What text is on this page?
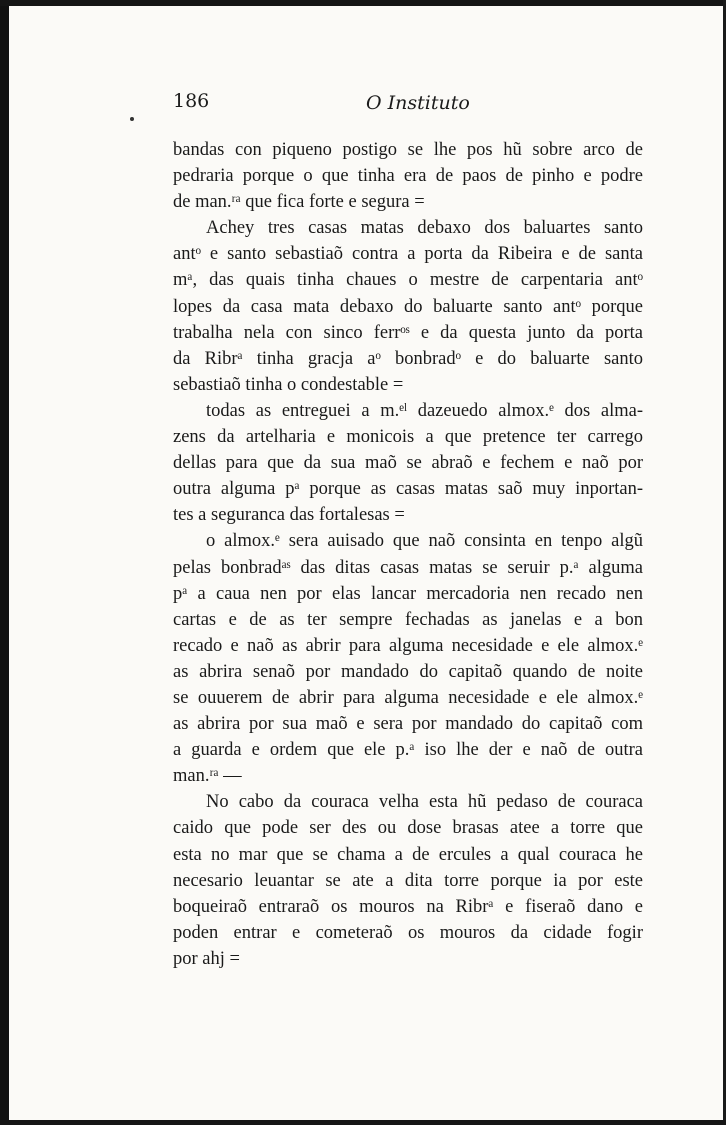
186	O Instituto
bandas con piqueno postigo se lhe pos hũ sobre arco de
pedraria porque o que tinha era de paos de pinho e podre
de man.ʳᵃ que fica forte e segura =
Achey tres casas matas debaxo dos baluartes santo
antᵒ e santo sebastiaõ contra a porta da Ribeira e de santa
mᵃ, das quais tinha chaues o mestre de carpentaria antᵒ
lopes da casa mata debaxo do baluarte santo antᵒ porque
trabalha nela con sinco ferrᵒˢ e da questa junto da porta
da Ribrᵃ tinha gracja aᵒ bonbradᵒ e do baluarte santo
sebastiaõ tinha o condestable =
todas as entreguei a m.ᵉˡ dazeuedo almox.ᵉ dos alma-
zens da artelharia e monicois a que pretence ter carrego
dellas para que da sua maõ se abraõ e fechem e naõ por
outra alguma pᵃ porque as casas matas saõ muy inportan-
tes a seguranca das fortalesas =
o almox.ᵉ sera auisado que naõ consinta en tenpo algũ
pelas bonbradᵃˢ das ditas casas matas se seruir p.ᵃ alguma
pᵃ a caua nen por elas lancar mercadoria nen recado nen
cartas e de as ter sempre fechadas as janelas e a bon
recado e naõ as abrir para alguma necesidade e ele almox.ᵉ
as abrira senaõ por mandado do capitaõ quando de noite
se ouuerem de abrir para alguma necesidade e ele almox.ᵉ
as abrira por sua maõ e sera por mandado do capitaõ com
a guarda e ordem que ele p.ᵃ iso lhe der e naõ de outra
man.ʳᵃ —
No cabo da couraca velha esta hũ pedaso de couraca
caido que pode ser des ou dose brasas atee a torre que
esta no mar que se chama a de ercules a qual couraca he
necesario leuantar se ate a dita torre porque ia por este
boqueiraõ entraraõ os mouros na Ribrᵃ e fiseraõ dano e
poden entrar e cometeraõ os mouros da cidade fogir
por ahj =
